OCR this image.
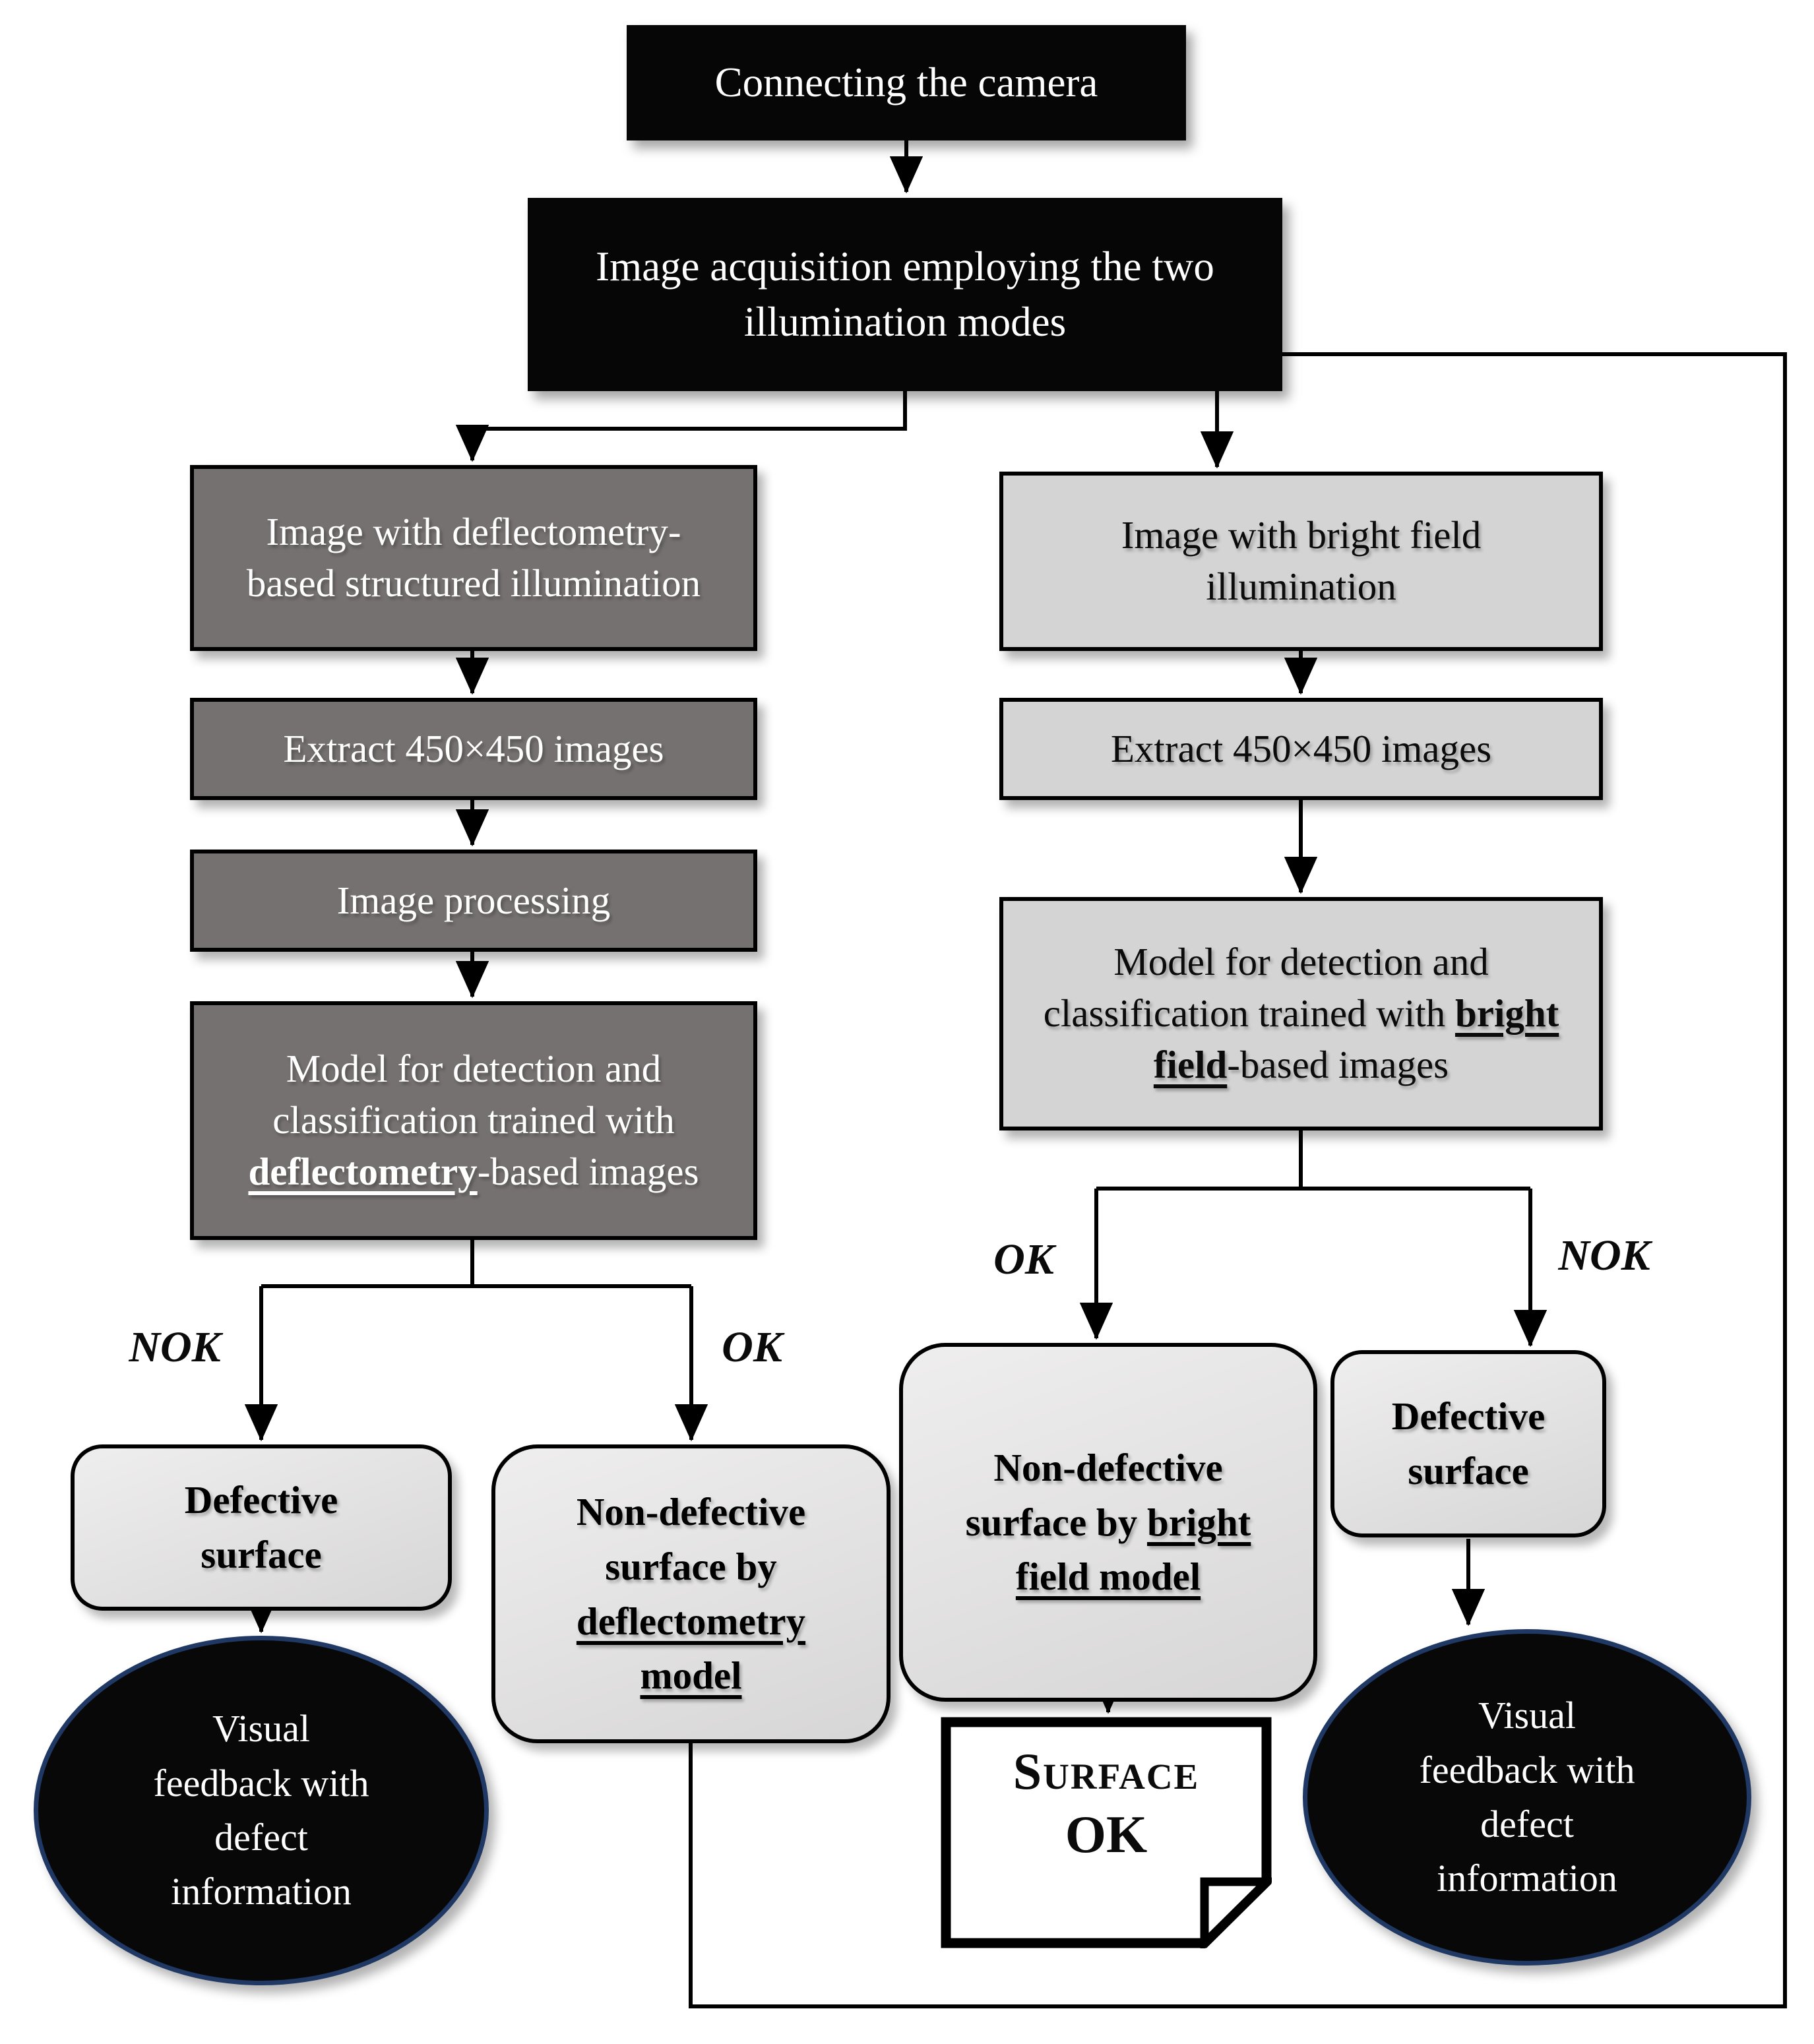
Connecting the camera
Image acquisition employing the two illumination modes
Image with deflectometry-based structured illumination
Extract 450×450 images
Image processing
Model for detection and classification trained with deflectometry-based images
Image with bright field illumination
Extract 450×450 images
Model for detection and classification trained with bright field-based images
NOK	OK
OK	NOK
Defective surface
Non-defective surface by deflectometry model
Non-defective surface by bright field model
Defective surface
Visual feedback with defect information
Visual feedback with defect information
Surface
OK
